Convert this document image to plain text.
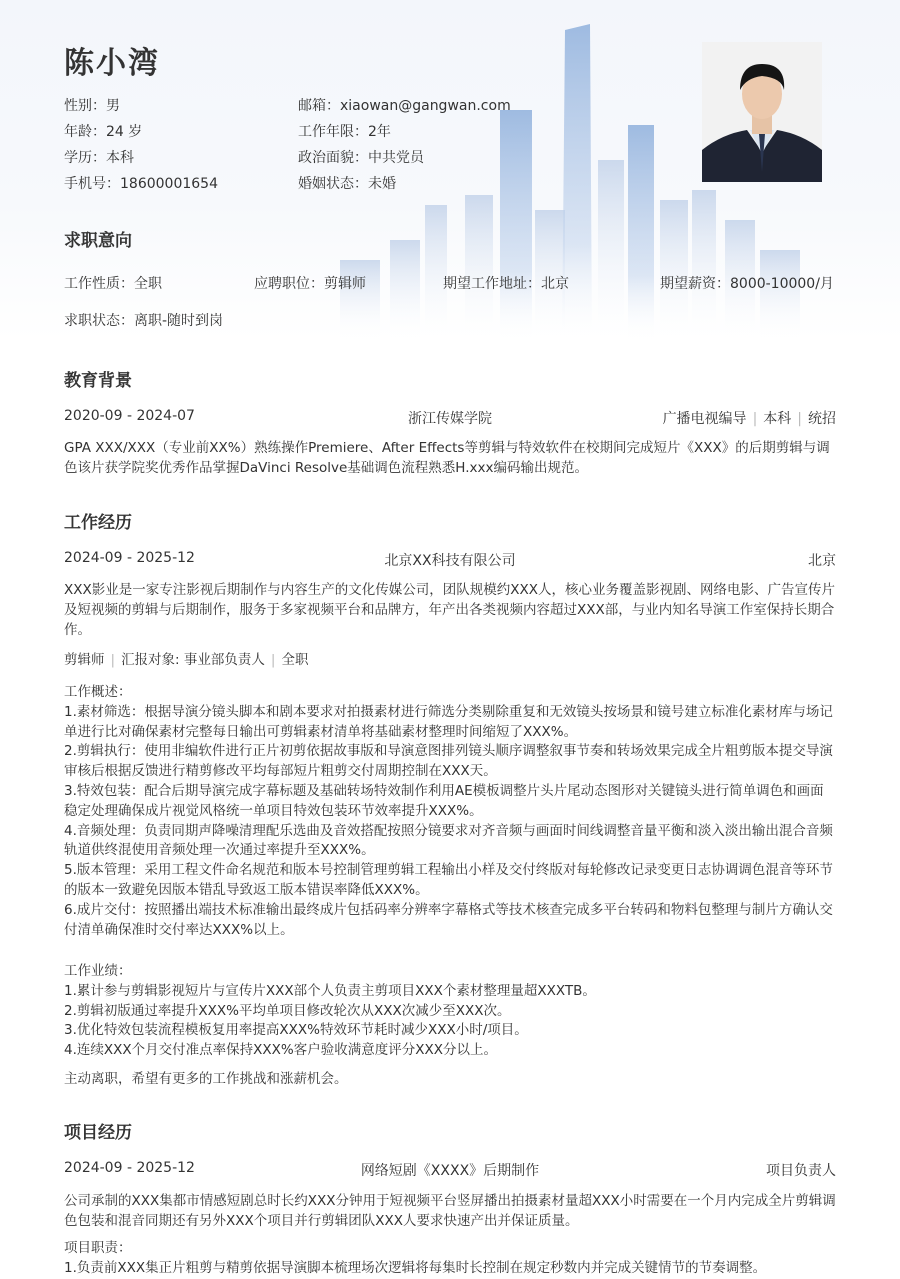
陈小湾
性别：男
年龄：24 岁
学历：本科
手机号：18600001654
邮箱：xiaowan@gangwan.com
工作年限：2年
政治面貌：中共党员
婚姻状态：未婚
求职意向
工作性质：全职	应聘职位：剪辑师	期望工作地址：北京	期望薪资：8000-10000/月
求职状态：离职-随时到岗
教育背景
浙江传媒学院
2020-09 - 2024-07	广播电视编导 | 本科 | 统招
GPA XXX/XXX（专业前XX%）熟练操作Premiere、After Effects等剪辑与特效软件在校期间完成短片《XXX》的后期剪辑与调色该片获学院奖优秀作品掌握DaVinci Resolve基础调色流程熟悉H.xxx编码输出规范。
工作经历
北京XX科技有限公司
2024-09 - 2025-12	北京
XXX影业是一家专注影视后期制作与内容生产的文化传媒公司，团队规模约XXX人，核心业务覆盖影视剧、网络电影、广告宣传片及短视频的剪辑与后期制作，服务于多家视频平台和品牌方，年产出各类视频内容超过XXX部，与业内知名导演工作室保持长期合作。
剪辑师 | 汇报对象: 事业部负责人 | 全职
工作概述：
1.素材筛选：根据导演分镜头脚本和剧本要求对拍摄素材进行筛选分类剔除重复和无效镜头按场景和镜号建立标准化素材库与场记单进行比对确保素材完整每日输出可剪辑素材清单将基础素材整理时间缩短了XXX%。
2.剪辑执行：使用非编软件进行正片初剪依据故事版和导演意图排列镜头顺序调整叙事节奏和转场效果完成全片粗剪版本提交导演审核后根据反馈进行精剪修改平均每部短片粗剪交付周期控制在XXX天。
3.特效包装：配合后期导演完成字幕标题及基础转场特效制作利用AE模板调整片头片尾动态图形对关键镜头进行简单调色和画面稳定处理确保成片视觉风格统一单项目特效包装环节效率提升XXX%。
4.音频处理：负责同期声降噪清理配乐选曲及音效搭配按照分镜要求对齐音频与画面时间线调整音量平衡和淡入淡出输出混合音频轨道供终混使用音频处理一次通过率提升至XXX%。
5.版本管理：采用工程文件命名规范和版本号控制管理剪辑工程输出小样及交付终版对每轮修改记录变更日志协调调色混音等环节的版本一致避免因版本错乱导致返工版本错误率降低XXX%。
6.成片交付：按照播出端技术标准输出最终成片包括码率分辨率字幕格式等技术核查完成多平台转码和物料包整理与制片方确认交付清单确保准时交付率达XXX%以上。
工作业绩：
1.累计参与剪辑影视短片与宣传片XXX部个人负责主剪项目XXX个素材整理量超XXXTB。
2.剪辑初版通过率提升XXX%平均单项目修改轮次从XXX次减少至XXX次。
3.优化特效包装流程模板复用率提高XXX%特效环节耗时减少XXX小时/项目。
4.连续XXX个月交付准点率保持XXX%客户验收满意度评分XXX分以上。
主动离职，希望有更多的工作挑战和涨薪机会。
项目经历
网络短剧《XXXX》后期制作
2024-09 - 2025-12	项目负责人
公司承制的XXX集都市情感短剧总时长约XXX分钟用于短视频平台竖屏播出拍摄素材量超XXX小时需要在一个月内完成全片剪辑调色包装和混音同期还有另外XXX个项目并行剪辑团队XXX人要求快速产出并保证质量。
项目职责：
1.负责前XXX集正片粗剪与精剪依据导演脚本梳理场次逻辑将每集时长控制在规定秒数内并完成关键情节的节奏调整。
